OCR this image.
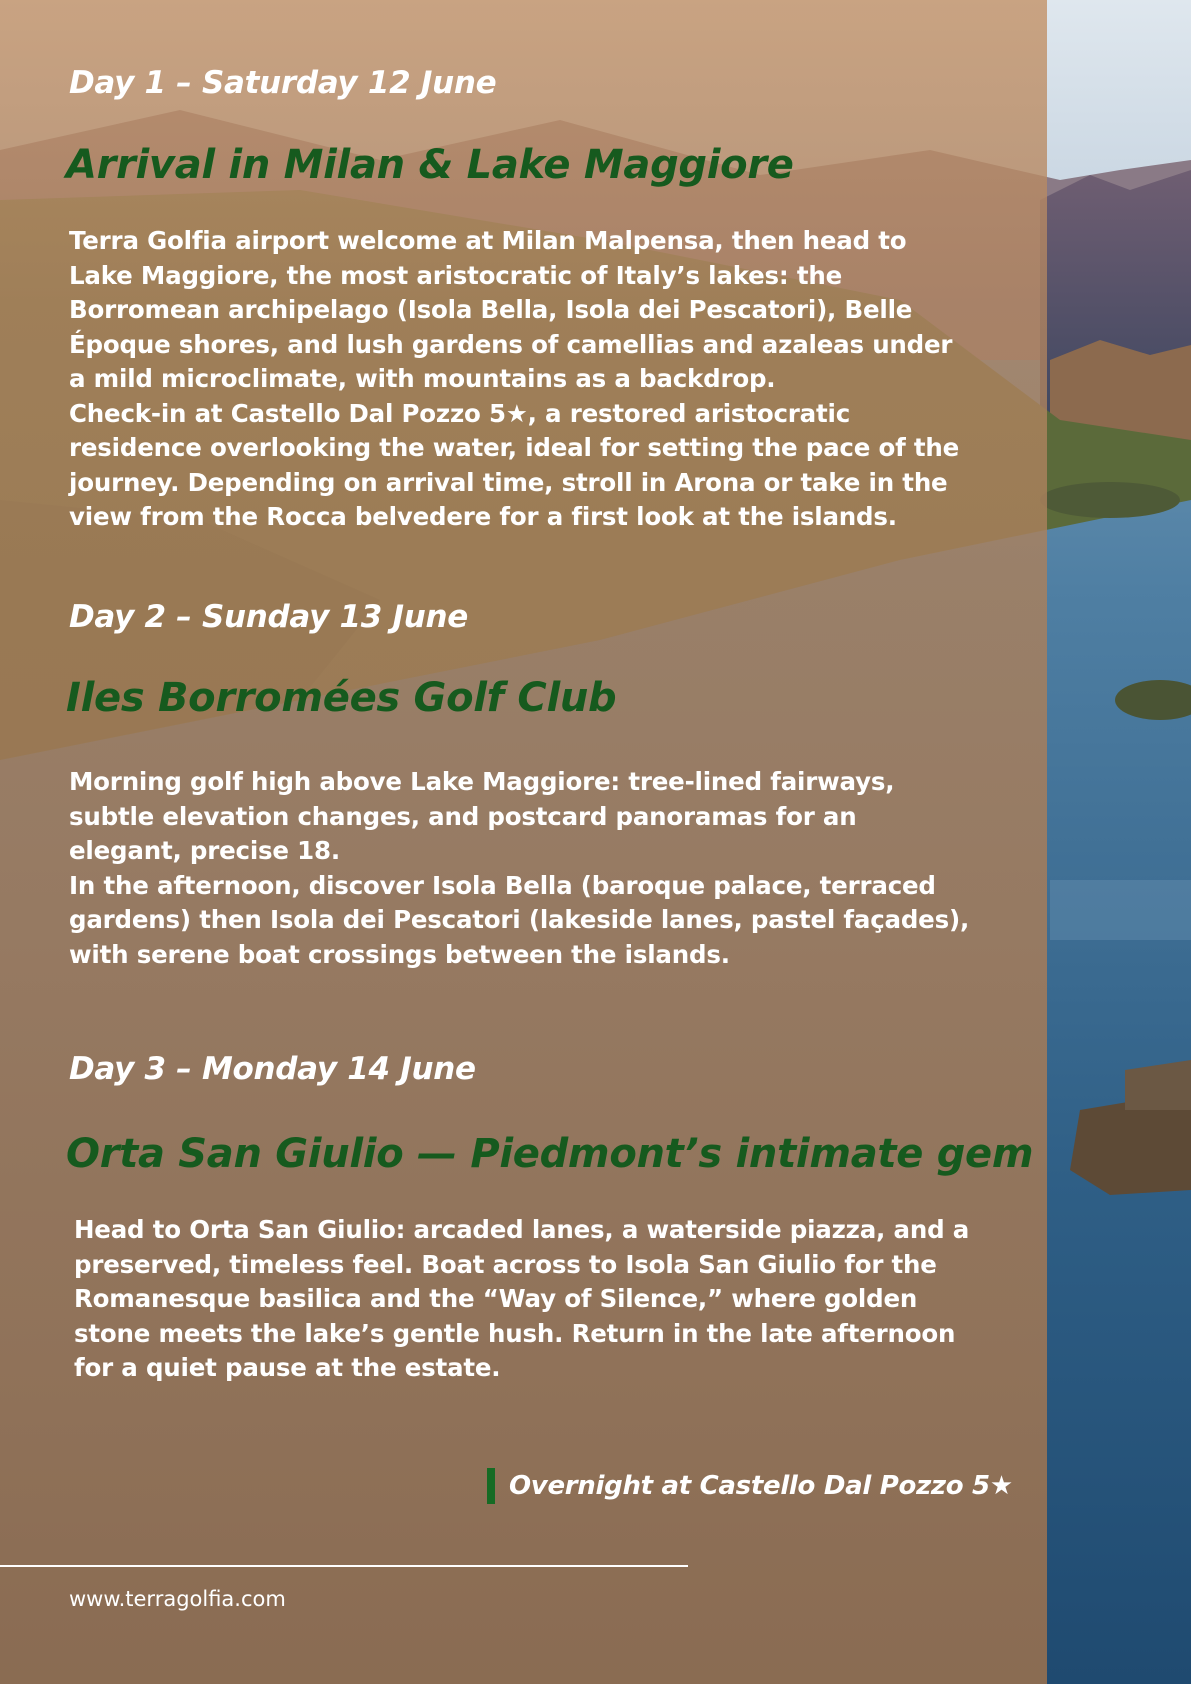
Day 1 – Saturday 12 June
Arrival in Milan & Lake Maggiore
Terra Golfia airport welcome at Milan Malpensa, then head to
Lake Maggiore, the most aristocratic of Italy’s lakes: the
Borromean archipelago (Isola Bella, Isola dei Pescatori), Belle
Époque shores, and lush gardens of camellias and azaleas under
a mild microclimate, with mountains as a backdrop.
Check-in at Castello Dal Pozzo 5★, a restored aristocratic
residence overlooking the water, ideal for setting the pace of the
journey. Depending on arrival time, stroll in Arona or take in the
view from the Rocca belvedere for a first look at the islands.
Day 2 – Sunday 13 June
Iles Borromées Golf Club
Morning golf high above Lake Maggiore: tree-lined fairways,
subtle elevation changes, and postcard panoramas for an
elegant, precise 18.
In the afternoon, discover Isola Bella (baroque palace, terraced
gardens) then Isola dei Pescatori (lakeside lanes, pastel façades),
with serene boat crossings between the islands.
Day 3 – Monday 14 June
Orta San Giulio — Piedmont’s intimate gem
Head to Orta San Giulio: arcaded lanes, a waterside piazza, and a
preserved, timeless feel. Boat across to Isola San Giulio for the
Romanesque basilica and the “Way of Silence,” where golden
stone meets the lake’s gentle hush. Return in the late afternoon
for a quiet pause at the estate.
Overnight at Castello Dal Pozzo 5★
www.terragolfia.com
